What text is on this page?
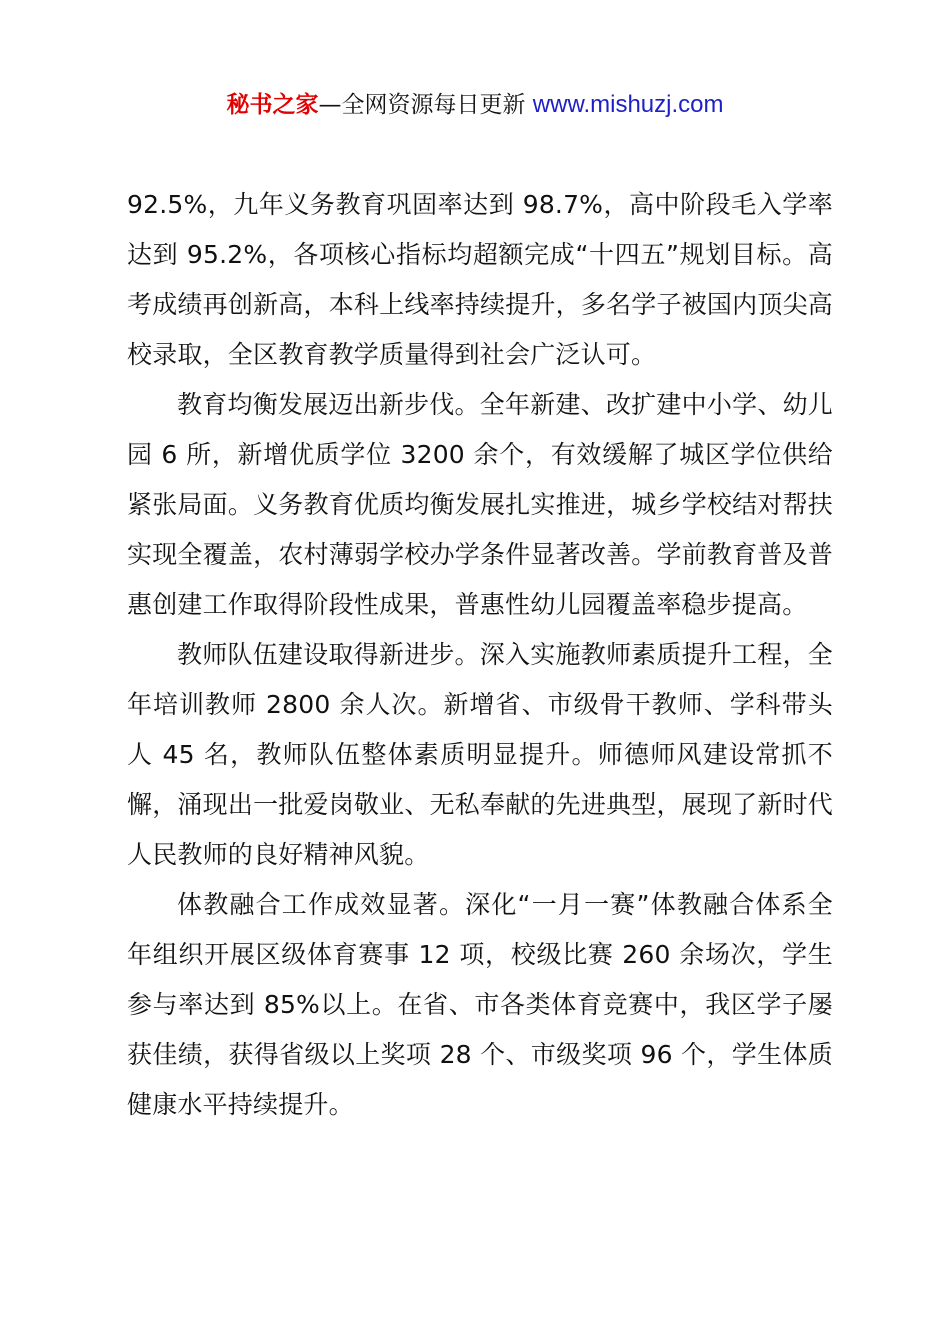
秘书之家—全网资源每日更新 www.mishuzj.com

92.5%，九年义务教育巩固率达到 98.7%，高中阶段毛入学率达到 95.2%，各项核心指标均超额完成“十四五”规划目标。高考成绩再创新高，本科上线率持续提升，多名学子被国内顶尖高校录取，全区教育教学质量得到社会广泛认可。

教育均衡发展迈出新步伐。全年新建、改扩建中小学、幼儿园 6 所，新增优质学位 3200 余个，有效缓解了城区学位供给紧张局面。义务教育优质均衡发展扎实推进，城乡学校结对帮扶实现全覆盖，农村薄弱学校办学条件显著改善。学前教育普及普惠创建工作取得阶段性成果，普惠性幼儿园覆盖率稳步提高。

教师队伍建设取得新进步。深入实施教师素质提升工程，全年培训教师 2800 余人次。新增省、市级骨干教师、学科带头人 45 名，教师队伍整体素质明显提升。师德师风建设常抓不懈，涌现出一批爱岗敬业、无私奉献的先进典型，展现了新时代人民教师的良好精神风貌。

体教融合工作成效显著。深化“一月一赛”体教融合体系全年组织开展区级体育赛事 12 项，校级比赛 260 余场次，学生参与率达到 85%以上。在省、市各类体育竞赛中，我区学子屡获佳绩，获得省级以上奖项 28 个、市级奖项 96 个，学生体质健康水平持续提升。
